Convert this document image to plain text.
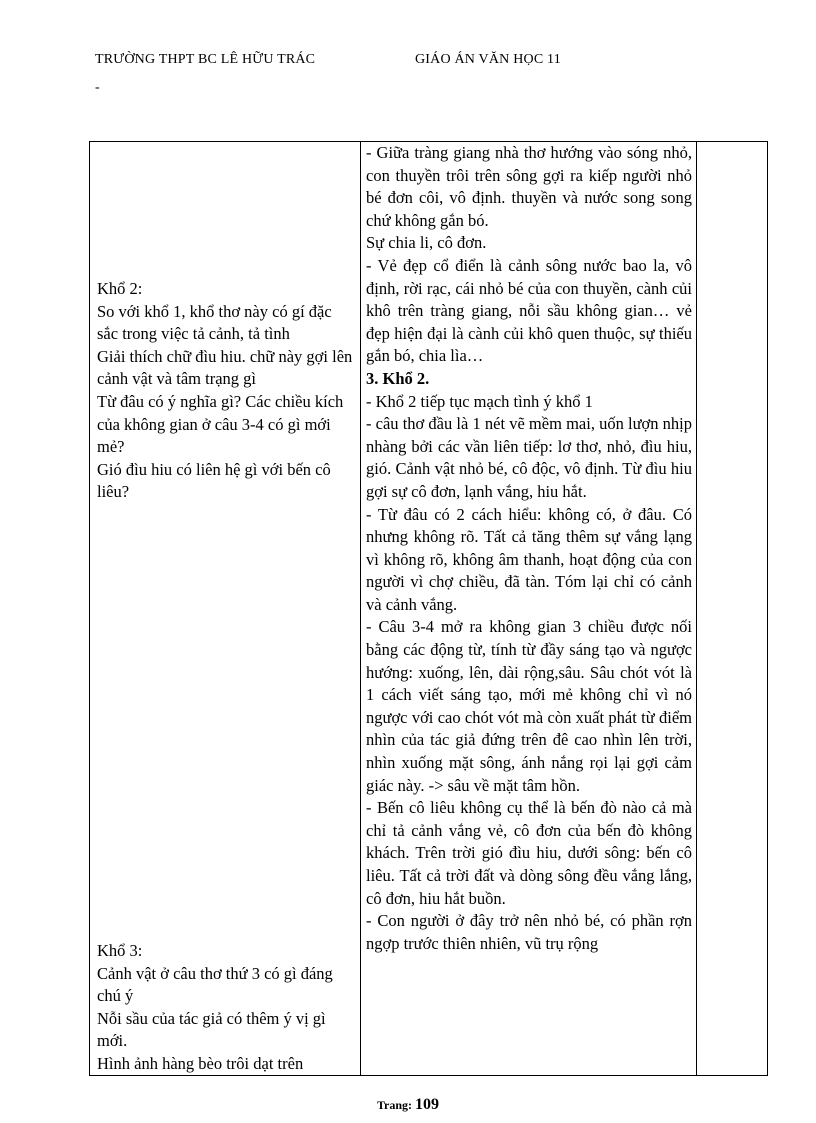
TRƯỜNG THPT BC LÊ HỮU TRÁC	GIÁO ÁN VĂN HỌC 11
-

Khổ 2:

So với khổ 1, khổ thơ này có gí đặc sắc trong việc tả cảnh, tả tình

Giải thích chữ đìu hiu. chữ này gợi lên cảnh vật và tâm trạng gì

Từ đâu có ý nghĩa gì? Các chiều kích của không gian ở câu 3-4 có gì mới mẻ?

Gió đìu hiu có liên hệ gì với bến cô liêu?

Khổ 3:

Cảnh vật ở câu thơ thứ 3 có gì đáng chú ý

Nỗi sầu của tác giả có thêm ý vị gì mới.

Hình ảnh hàng bèo trôi dạt trên

- Giữa tràng giang nhà thơ hướng vào sóng nhỏ, con thuyền trôi trên sông gợi ra kiếp người nhỏ bé đơn côi, vô định. thuyền và nước song song chứ không gắn bó.

Sự chia li, cô đơn.

- Vẻ đẹp cổ điển là cảnh sông nước bao la, vô định, rời rạc, cái nhỏ bé của con thuyền, cành củi khô trên tràng giang, nỗi sầu không gian… vẻ đẹp hiện đại là cành củi khô quen thuộc, sự thiếu gắn bó, chia lìa…

3. Khổ 2.

- Khổ 2 tiếp tục mạch tình ý khổ 1

- câu thơ đầu là 1 nét vẽ mềm mai, uốn lượn nhịp nhàng bởi các vần liên tiếp: lơ thơ, nhỏ, đìu hiu, gió. Cảnh vật nhỏ bé, cô độc, vô định. Từ đìu hiu gợi sự cô đơn, lạnh vắng, hiu hắt.

- Từ đâu có 2 cách hiểu: không có, ở đâu. Có nhưng không rõ. Tất cả tăng thêm sự vắng lạng vì không rõ, không âm thanh, hoạt động của con người vì chợ chiều, đã tàn. Tóm lại chỉ có cảnh và cảnh vắng.

- Câu 3-4 mở ra không gian 3 chiều được nối bằng các động từ, tính từ đầy sáng tạo và ngược hướng: xuống, lên, dài rộng,sâu. Sâu chót vót là 1 cách viết sáng tạo, mới mẻ không chỉ vì nó ngược với cao chót vót mà còn xuất phát từ điểm nhìn của tác giả đứng trên đê cao nhìn lên trời, nhìn xuống mặt sông, ánh nắng rọi lại gợi cảm giác này. -> sâu về mặt tâm hồn.

- Bến cô liêu không cụ thể là bến đò nào cả mà chỉ tả cảnh vắng vẻ, cô đơn của bến đò không khách. Trên trời gió đìu hiu, dưới sông: bến cô liêu. Tất cả trời đất và dòng sông đều vắng lắng, cô đơn, hiu hắt buồn.

- Con người ở đây trở nên nhỏ bé, có phần rợn ngợp trước thiên nhiên, vũ trụ rộng

Trang: 109
